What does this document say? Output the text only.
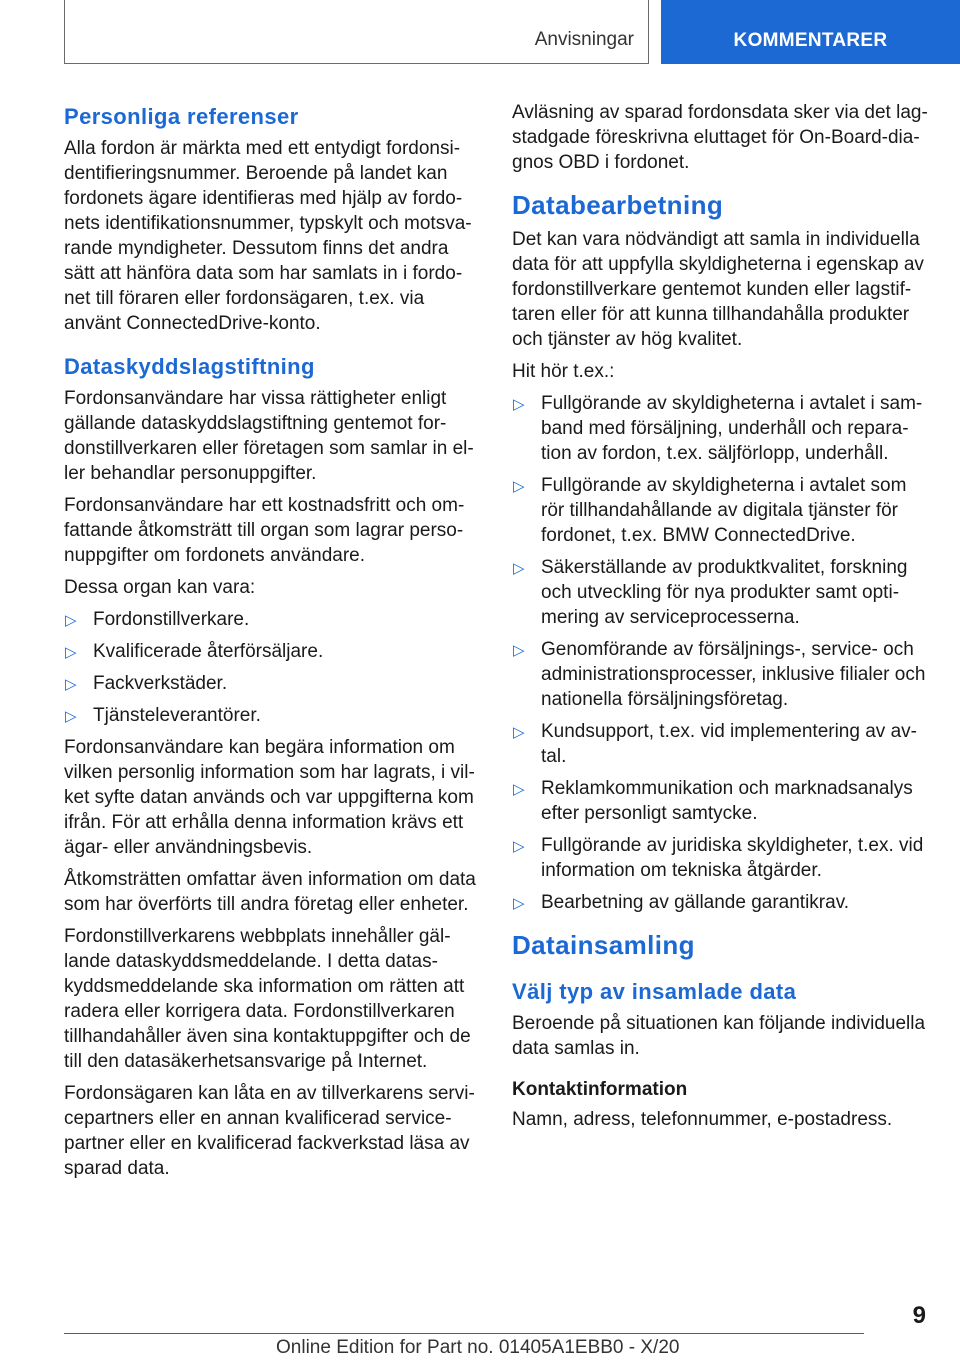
Anvisningar	KOMMENTARER
Personliga referenser

Alla fordon är märkta med ett entydigt fordonsidentifieringsnummer. Beroende på landet kan fordonets ägare identifieras med hjälp av fordonets identifikationsnummer, typskylt och motsvarande myndigheter. Dessutom finns det andra sätt att hänföra data som har samlats in i fordonet till föraren eller fordonsägaren, t.ex. via använt ConnectedDrive-konto.

Dataskyddslagstiftning

Fordonsanvändare har vissa rättigheter enligt gällande dataskyddslagstiftning gentemot fordonstillverkaren eller företagen som samlar in eller behandlar personuppgifter.

Fordonsanvändare har ett kostnadsfritt och omfattande åtkomsträtt till organ som lagrar personuppgifter om fordonets användare.

Dessa organ kan vara:

▷ Fordonstillverkare.
▷ Kvalificerade återförsäljare.
▷ Fackverkstäder.
▷ Tjänsteleverantörer.

Fordonsanvändare kan begära information om vilken personlig information som har lagrats, i vilket syfte datan används och var uppgifterna kom ifrån. För att erhålla denna information krävs ett ägar- eller användningsbevis.

Åtkomsträtten omfattar även information om data som har överförts till andra företag eller enheter.

Fordonstillverkarens webbplats innehåller gällande dataskyddsmeddelande. I detta dataskyddsmeddelande ska information om rätten att radera eller korrigera data. Fordonstillverkaren tillhandahåller även sina kontaktuppgifter och de till den datasäkerhetsansvarige på Internet.

Fordonsägaren kan låta en av tillverkarens servicepartners eller en annan kvalificerad servicepartner eller en kvalificerad fackverkstad läsa av sparad data.

Avläsning av sparad fordonsdata sker via det lagstadgade föreskrivna eluttaget för On-Board-diagnos OBD i fordonet.

Databearbetning

Det kan vara nödvändigt att samla in individuella data för att uppfylla skyldigheterna i egenskap av fordonstillverkare gentemot kunden eller lagstiftaren eller för att kunna tillhandahålla produkter och tjänster av hög kvalitet.

Hit hör t.ex.:

▷ Fullgörande av skyldigheterna i avtalet i samband med försäljning, underhåll och reparation av fordon, t.ex. säljförlopp, underhåll.
▷ Fullgörande av skyldigheterna i avtalet som rör tillhandahållande av digitala tjänster för fordonet, t.ex. BMW ConnectedDrive.
▷ Säkerställande av produktkvalitet, forskning och utveckling för nya produkter samt optimering av serviceprocesserna.
▷ Genomförande av försäljnings-, service- och administrationsprocesser, inklusive filialer och nationella försäljningsföretag.
▷ Kundsupport, t.ex. vid implementering av avtal.
▷ Reklamkommunikation och marknadsanalys efter personligt samtycke.
▷ Fullgörande av juridiska skyldigheter, t.ex. vid information om tekniska åtgärder.
▷ Bearbetning av gällande garantikrav.
Datainsamling
Välj typ av insamlade data

Beroende på situationen kan följande individuella data samlas in.

Kontaktinformation

Namn, adress, telefonnummer, e-postadress.

9
Online Edition for Part no. 01405A1EBB0 - X/20
